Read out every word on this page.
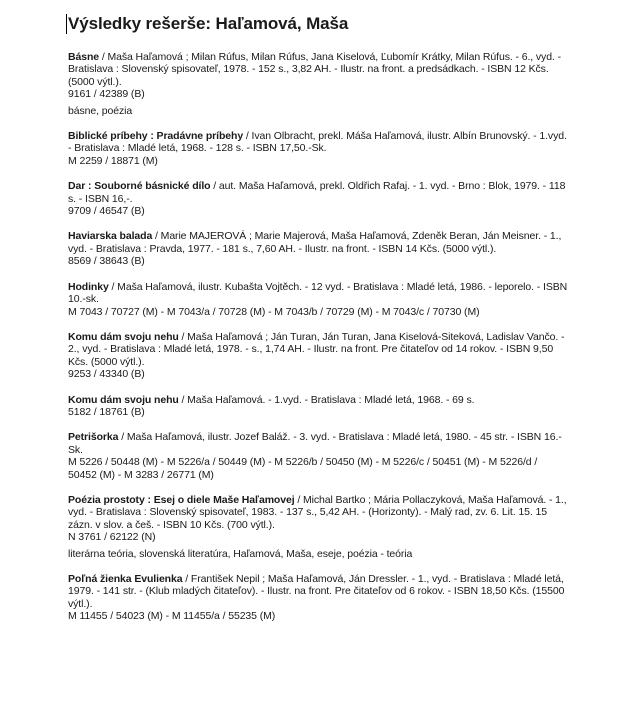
Výsledky rešerše: Haľamová, Maša
Básne / Maša Haľamová ; Milan Rúfus, Milan Rúfus, Jana Kiselová, Ľubomír Krátky, Milan Rúfus. - 6., vyd. - Bratislava : Slovenský spisovateľ, 1978. - 152 s., 3,82 AH. - Ilustr. na front. a predsádkach. - ISBN 12 Kčs. (5000 výtl.).
9161 / 42389 (B)
básne, poézia
Biblické príbehy : Pradávne príbehy / Ivan Olbracht, prekl. Máša Haľamová, ilustr. Albín Brunovský. - 1.vyd. - Bratislava : Mladé letá, 1968. - 128 s. - ISBN 17,50.-Sk.
M 2259 / 18871 (M)
Dar : Souborné básnické dílo / aut. Maša Haľamová, prekl. Oldřich Rafaj. - 1. vyd. - Brno : Blok, 1979. - 118 s. - ISBN 16,-.
9709 / 46547 (B)
Haviarska balada / Marie MAJEROVÁ ; Marie Majerová, Maša Haľamová, Zdeněk Beran, Ján Meisner. - 1., vyd. - Bratislava : Pravda, 1977. - 181 s., 7,60 AH. - Ilustr. na front. - ISBN 14 Kčs. (5000 výtl.).
8569 / 38643 (B)
Hodinky / Maša Haľamová, ilustr. Kubašta Vojtěch. - 12 vyd. - Bratislava : Mladé letá, 1986. - leporelo. - ISBN 10.-sk.
M 7043 / 70727 (M) - M 7043/a / 70728 (M) - M 7043/b / 70729 (M) - M 7043/c / 70730 (M)
Komu dám svoju nehu / Maša Haľamová ; Ján Turan, Ján Turan, Jana Kiselová-Siteková, Ladislav Vančo. - 2., vyd. - Bratislava : Mladé letá, 1978. - s., 1,74 AH. - Ilustr. na front. Pre čitateľov od 14 rokov. - ISBN 9,50 Kčs. (5000 výtl.).
9253 / 43340 (B)
Komu dám svoju nehu / Maša Haľamová. - 1.vyd. - Bratislava : Mladé letá, 1968. - 69 s.
5182 / 18761 (B)
Petrišorka / Maša Haľamová, ilustr. Jozef Baláž. - 3. vyd. - Bratislava : Mladé letá, 1980. - 45 str. - ISBN 16.-Sk.
M 5226 / 50448 (M) - M 5226/a / 50449 (M) - M 5226/b / 50450 (M) - M 5226/c / 50451 (M) - M 5226/d / 50452 (M) - M 3283 / 26771 (M)
Poézia prostoty : Esej o diele Maše Haľamovej / Michal Bartko ; Mária Pollaczyková, Maša Haľamová. - 1., vyd. - Bratislava : Slovenský spisovateľ, 1983. - 137 s., 5,42 AH. - (Horizonty). - Malý rad, zv. 6. Lit. 15. 15 zázn. v slov. a češ. - ISBN 10 Kčs. (700 výtl.).
N 3761 / 62122 (N)
literárna teória, slovenská literatúra, Haľamová, Maša, eseje, poézia - teória
Poľná žienka Evulienka / František Nepil ; Maša Haľamová, Ján Dressler. - 1., vyd. - Bratislava : Mladé letá, 1979. - 141 str. - (Klub mladých čitateľov). - Ilustr. na front. Pre čitateľov od 6 rokov. - ISBN 18,50 Kčs. (15500 výtl.).
M 11455 / 54023 (M) - M 11455/a / 55235 (M)
